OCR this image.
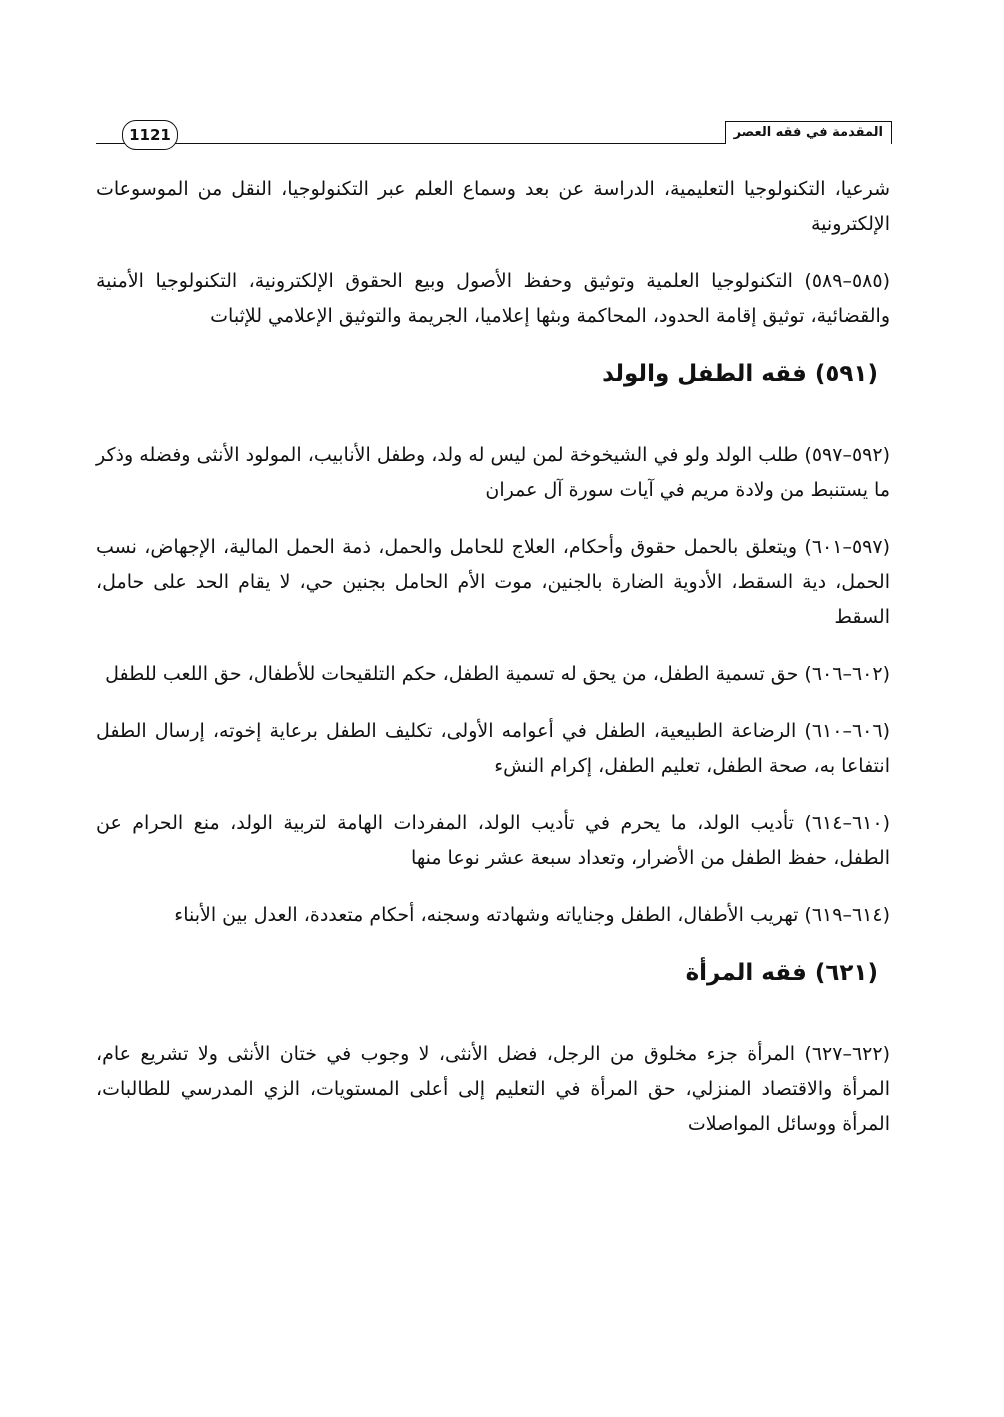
المقدمة في فقه العصر
1121

شرعيا، التكنولوجيا التعليمية، الدراسة عن بعد وسماع العلم عبر التكنولوجيا، النقل من الموسوعات الإلكترونية

(٥٨٥–٥٨٩) التكنولوجيا العلمية وتوثيق وحفظ الأصول وبيع الحقوق الإلكترونية، التكنولوجيا الأمنية والقضائية، توثيق إقامة الحدود، المحاكمة وبثها إعلاميا، الجريمة والتوثيق الإعلامي للإثبات

(٥٩١) فقه الطفل والولد

(٥٩٢–٥٩٧) طلب الولد ولو في الشيخوخة لمن ليس له ولد، وطفل الأنابيب، المولود الأنثى وفضله وذكر ما يستنبط من ولادة مريم في آيات سورة آل عمران

(٥٩٧–٦٠١) ويتعلق بالحمل حقوق وأحكام، العلاج للحامل والحمل، ذمة الحمل المالية، الإجهاض، نسب الحمل، دية السقط، الأدوية الضارة بالجنين، موت الأم الحامل بجنين حي، لا يقام الحد على حامل، السقط

(٦٠٢–٦٠٦) حق تسمية الطفل، من يحق له تسمية الطفل، حكم التلقيحات للأطفال، حق اللعب للطفل

(٦٠٦–٦١٠) الرضاعة الطبيعية، الطفل في أعوامه الأولى، تكليف الطفل برعاية إخوته، إرسال الطفل انتفاعا به، صحة الطفل، تعليم الطفل، إكرام النشء

(٦١٠–٦١٤) تأديب الولد، ما يحرم في تأديب الولد، المفردات الهامة لتربية الولد، منع الحرام عن الطفل، حفظ الطفل من الأضرار، وتعداد سبعة عشر نوعا منها

(٦١٤–٦١٩) تهريب الأطفال، الطفل وجناياته وشهادته وسجنه، أحكام متعددة، العدل بين الأبناء

(٦٢١) فقه المرأة

(٦٢٢–٦٢٧) المرأة جزء مخلوق من الرجل، فضل الأنثى، لا وجوب في ختان الأنثى ولا تشريع عام، المرأة والاقتصاد المنزلي، حق المرأة في التعليم إلى أعلى المستويات، الزي المدرسي للطالبات، المرأة ووسائل المواصلات
